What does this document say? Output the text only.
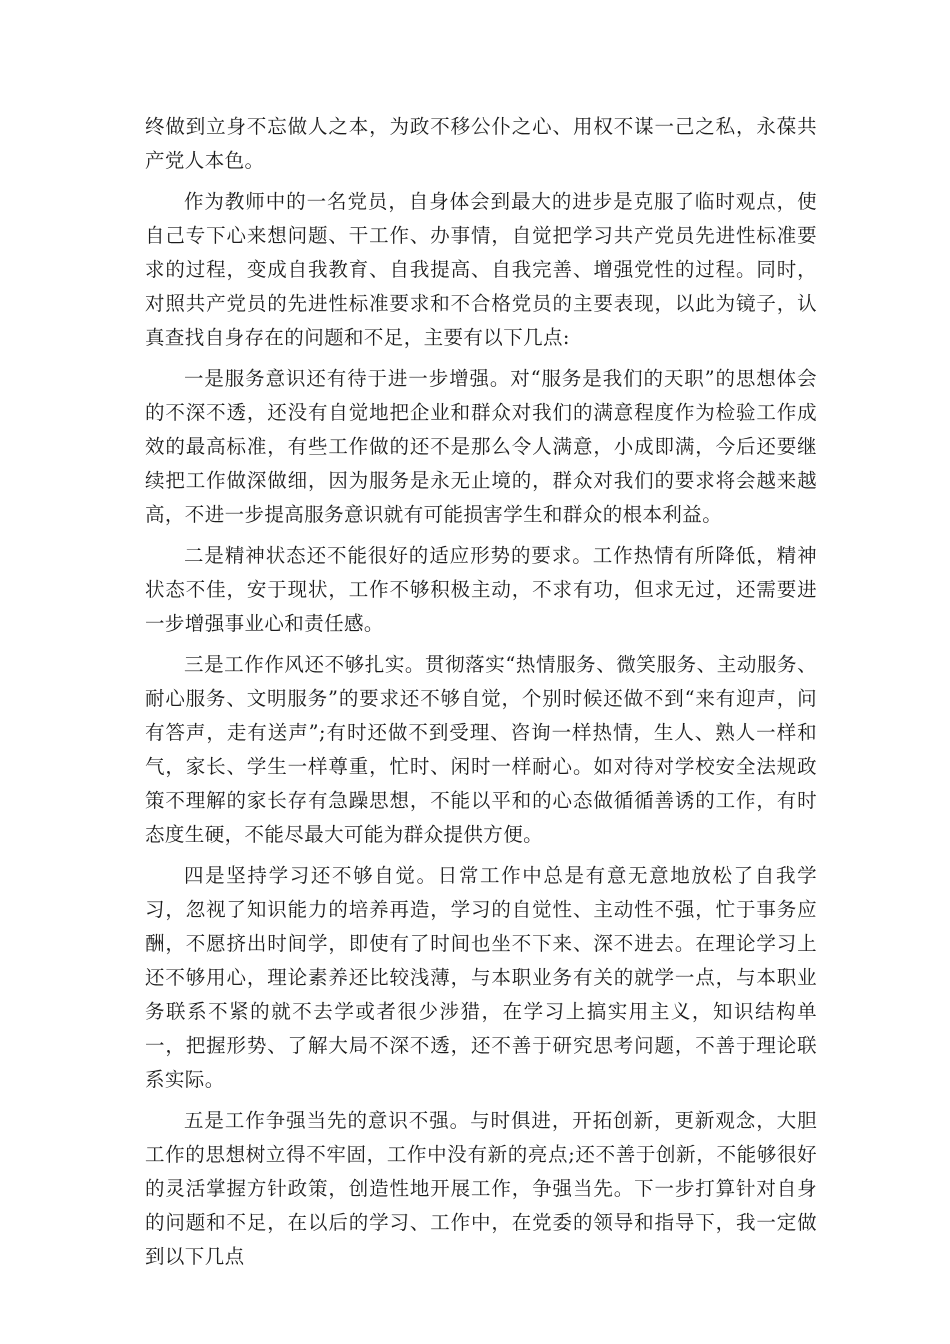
终做到立身不忘做人之本，为政不移公仆之心、用权不谋一己之私，永葆共产党人本色。

作为教师中的一名党员，自身体会到最大的进步是克服了临时观点，使自己专下心来想问题、干工作、办事情，自觉把学习共产党员先进性标准要求的过程，变成自我教育、自我提高、自我完善、增强党性的过程。同时，对照共产党员的先进性标准要求和不合格党员的主要表现，以此为镜子，认真查找自身存在的问题和不足，主要有以下几点:

一是服务意识还有待于进一步增强。对“服务是我们的天职”的思想体会的不深不透，还没有自觉地把企业和群众对我们的满意程度作为检验工作成效的最高标准，有些工作做的还不是那么令人满意，小成即满，今后还要继续把工作做深做细，因为服务是永无止境的，群众对我们的要求将会越来越高，不进一步提高服务意识就有可能损害学生和群众的根本利益。

二是精神状态还不能很好的适应形势的要求。工作热情有所降低，精神状态不佳，安于现状，工作不够积极主动，不求有功，但求无过，还需要进一步增强事业心和责任感。

三是工作作风还不够扎实。贯彻落实“热情服务、微笑服务、主动服务、耐心服务、文明服务”的要求还不够自觉，个别时候还做不到“来有迎声，问有答声，走有送声”;有时还做不到受理、咨询一样热情，生人、熟人一样和气，家长、学生一样尊重，忙时、闲时一样耐心。如对待对学校安全法规政策不理解的家长存有急躁思想，不能以平和的心态做循循善诱的工作，有时态度生硬，不能尽最大可能为群众提供方便。

四是坚持学习还不够自觉。日常工作中总是有意无意地放松了自我学习，忽视了知识能力的培养再造，学习的自觉性、主动性不强，忙于事务应酬，不愿挤出时间学，即使有了时间也坐不下来、深不进去。在理论学习上还不够用心，理论素养还比较浅薄，与本职业务有关的就学一点，与本职业务联系不紧的就不去学或者很少涉猎，在学习上搞实用主义，知识结构单一，把握形势、了解大局不深不透，还不善于研究思考问题，不善于理论联系实际。

五是工作争强当先的意识不强。与时俱进，开拓创新，更新观念，大胆工作的思想树立得不牢固，工作中没有新的亮点;还不善于创新，不能够很好的灵活掌握方针政策，创造性地开展工作，争强当先。下一步打算针对自身的问题和不足，在以后的学习、工作中，在党委的领导和指导下，我一定做到以下几点
